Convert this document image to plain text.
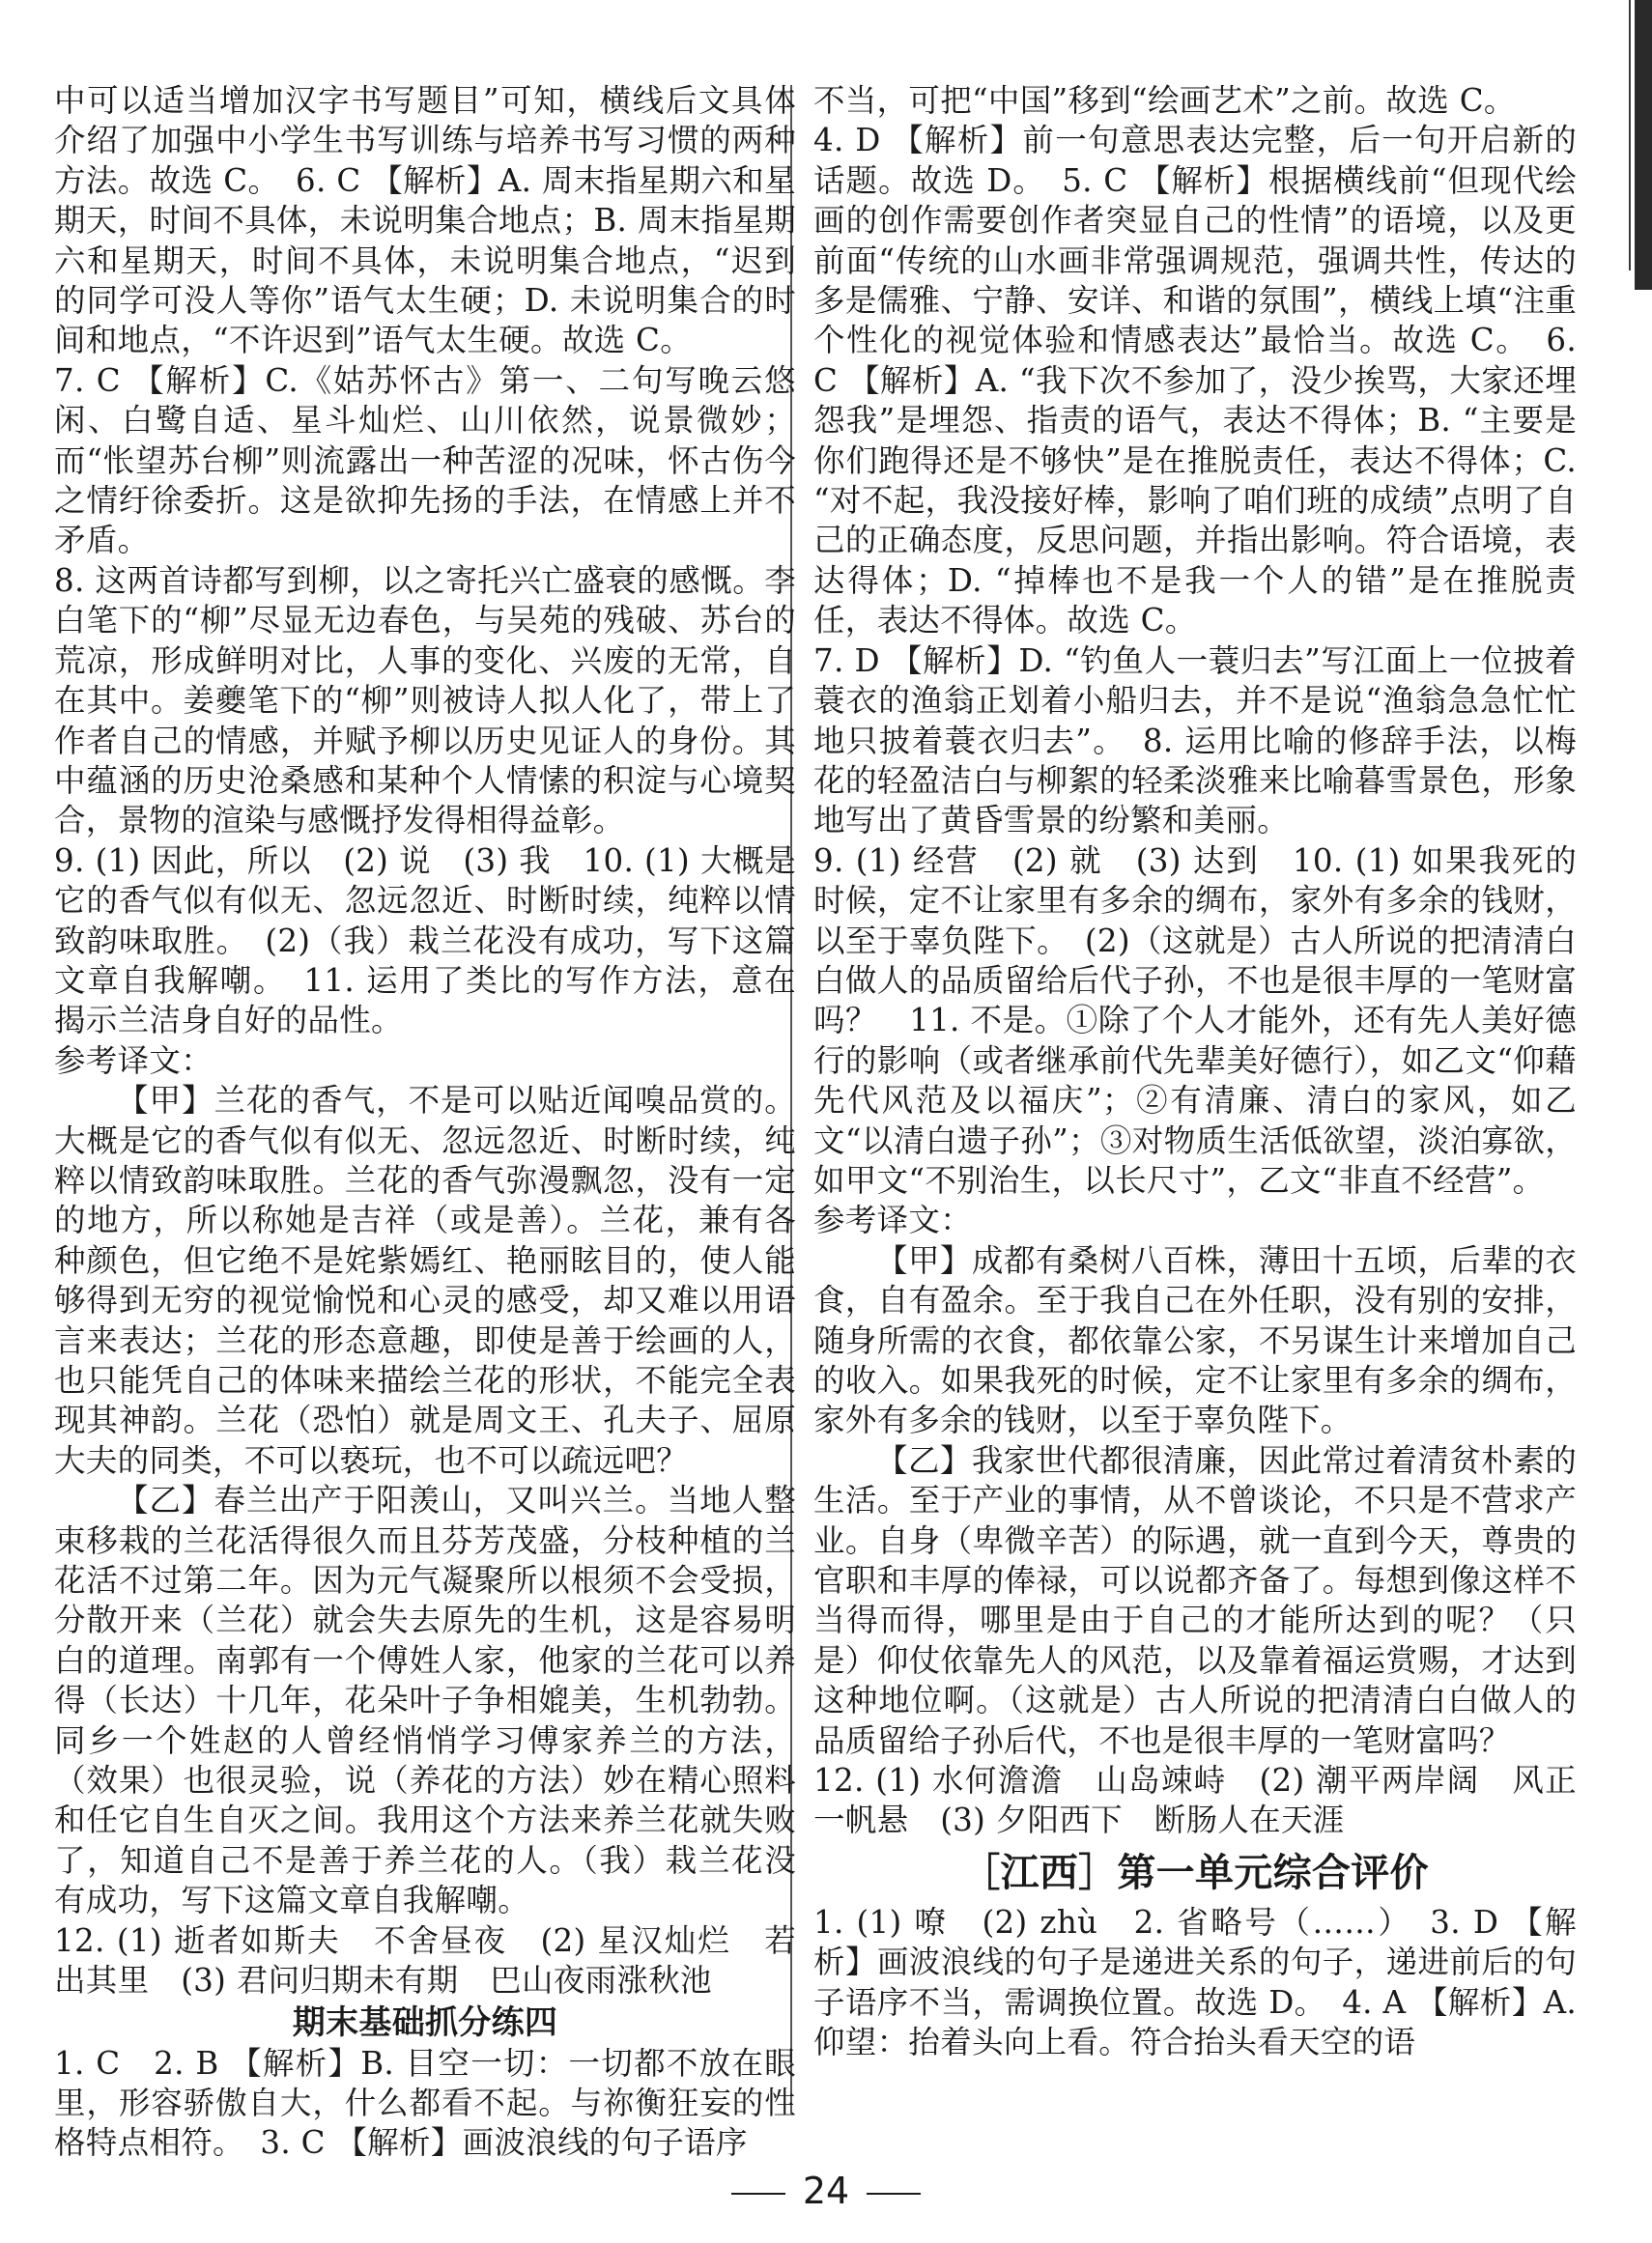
中可以适当增加汉字书写题目”可知，横线后文具体介绍了加强中小学生书写训练与培养书写习惯的两种方法。故选 C。　6. C 【解析】A. 周末指星期六和星期天，时间不具体，未说明集合地点；B. 周末指星期六和星期天，时间不具体，未说明集合地点，“迟到的同学可没人等你”语气太生硬；D. 未说明集合的时间和地点，“不许迟到”语气太生硬。故选 C。

7. C 【解析】C.《姑苏怀古》第一、二句写晚云悠闲、白鹭自适、星斗灿烂、山川依然，说景微妙；而“怅望苏台柳”则流露出一种苦涩的况味，怀古伤今之情纡徐委折。这是欲抑先扬的手法，在情感上并不矛盾。

8. 这两首诗都写到柳，以之寄托兴亡盛衰的感慨。李白笔下的“柳”尽显无边春色，与吴苑的残破、苏台的荒凉，形成鲜明对比，人事的变化、兴废的无常，自在其中。姜夔笔下的“柳”则被诗人拟人化了，带上了作者自己的情感，并赋予柳以历史见证人的身份。其中蕴涵的历史沧桑感和某种个人情愫的积淀与心境契合，景物的渲染与感慨抒发得相得益彰。

9. (1) 因此，所以　(2) 说　(3) 我　10. (1) 大概是它的香气似有似无、忽远忽近、时断时续，纯粹以情致韵味取胜。　(2)（我）栽兰花没有成功，写下这篇文章自我解嘲。　11. 运用了类比的写作方法，意在揭示兰洁身自好的品性。

参考译文：

【甲】兰花的香气，不是可以贴近闻嗅品赏的。大概是它的香气似有似无、忽远忽近、时断时续，纯粹以情致韵味取胜。兰花的香气弥漫飘忽，没有一定的地方，所以称她是吉祥（或是善）。兰花，兼有各种颜色，但它绝不是姹紫嫣红、艳丽眩目的，使人能够得到无穷的视觉愉悦和心灵的感受，却又难以用语言来表达；兰花的形态意趣，即使是善于绘画的人，也只能凭自己的体味来描绘兰花的形状，不能完全表现其神韵。兰花（恐怕）就是周文王、孔夫子、屈原大夫的同类，不可以亵玩，也不可以疏远吧？

【乙】春兰出产于阳羡山，又叫兴兰。当地人整束移栽的兰花活得很久而且芬芳茂盛，分枝种植的兰花活不过第二年。因为元气凝聚所以根须不会受损，分散开来（兰花）就会失去原先的生机，这是容易明白的道理。南郭有一个傅姓人家，他家的兰花可以养得（长达）十几年，花朵叶子争相媲美，生机勃勃。同乡一个姓赵的人曾经悄悄学习傅家养兰的方法，（效果）也很灵验，说（养花的方法）妙在精心照料和任它自生自灭之间。我用这个方法来养兰花就失败了，知道自己不是善于养兰花的人。（我）栽兰花没有成功，写下这篇文章自我解嘲。

12. (1) 逝者如斯夫　不舍昼夜　(2) 星汉灿烂　若出其里　(3) 君问归期未有期　巴山夜雨涨秋池

期末基础抓分练四

1. C　2. B 【解析】B. 目空一切：一切都不放在眼里，形容骄傲自大，什么都看不起。与祢衡狂妄的性格特点相符。　3. C 【解析】画波浪线的句子语序

不当，可把“中国”移到“绘画艺术”之前。故选 C。

4. D 【解析】前一句意思表达完整，后一句开启新的话题。故选 D。　5. C 【解析】根据横线前“但现代绘画的创作需要创作者突显自己的性情”的语境，以及更前面“传统的山水画非常强调规范，强调共性，传达的多是儒雅、宁静、安详、和谐的氛围”，横线上填“注重个性化的视觉体验和情感表达”最恰当。故选 C。　6. C 【解析】A. “我下次不参加了，没少挨骂，大家还埋怨我”是埋怨、指责的语气，表达不得体；B. “主要是你们跑得还是不够快”是在推脱责任，表达不得体；C. “对不起，我没接好棒，影响了咱们班的成绩”点明了自己的正确态度，反思问题，并指出影响。符合语境，表达得体；D. “掉棒也不是我一个人的错”是在推脱责任，表达不得体。故选 C。

7. D 【解析】D. “钓鱼人一蓑归去”写江面上一位披着蓑衣的渔翁正划着小船归去，并不是说“渔翁急急忙忙地只披着蓑衣归去”。　8. 运用比喻的修辞手法，以梅花的轻盈洁白与柳絮的轻柔淡雅来比喻暮雪景色，形象地写出了黄昏雪景的纷繁和美丽。

9. (1) 经营　(2) 就　(3) 达到　10. (1) 如果我死的时候，定不让家里有多余的绸布，家外有多余的钱财，以至于辜负陛下。　(2)（这就是）古人所说的把清清白白做人的品质留给后代子孙，不也是很丰厚的一笔财富吗？　11. 不是。①除了个人才能外，还有先人美好德行的影响（或者继承前代先辈美好德行），如乙文“仰藉先代风范及以福庆”；②有清廉、清白的家风，如乙文“以清白遗子孙”；③对物质生活低欲望，淡泊寡欲，如甲文“不别治生，以长尺寸”，乙文“非直不经营”。

参考译文：

【甲】成都有桑树八百株，薄田十五顷，后辈的衣食，自有盈余。至于我自己在外任职，没有别的安排，随身所需的衣食，都依靠公家，不另谋生计来增加自己的收入。如果我死的时候，定不让家里有多余的绸布，家外有多余的钱财，以至于辜负陛下。

【乙】我家世代都很清廉，因此常过着清贫朴素的生活。至于产业的事情，从不曾谈论，不只是不营求产业。自身（卑微辛苦）的际遇，就一直到今天，尊贵的官职和丰厚的俸禄，可以说都齐备了。每想到像这样不当得而得，哪里是由于自己的才能所达到的呢？（只是）仰仗依靠先人的风范，以及靠着福运赏赐，才达到这种地位啊。（这就是）古人所说的把清清白白做人的品质留给子孙后代，不也是很丰厚的一笔财富吗？

12. (1) 水何澹澹　山岛竦峙　(2) 潮平两岸阔　风正一帆悬　(3) 夕阳西下　断肠人在天涯

［江西］第一单元综合评价

1. (1) 嘹　(2) zhù　2. 省略号（……）　3. D 【解析】画波浪线的句子是递进关系的句子，递进前后的句子语序不当，需调换位置。故选 D。　4. A 【解析】A. 仰望：抬着头向上看。符合抬头看天空的语

24
